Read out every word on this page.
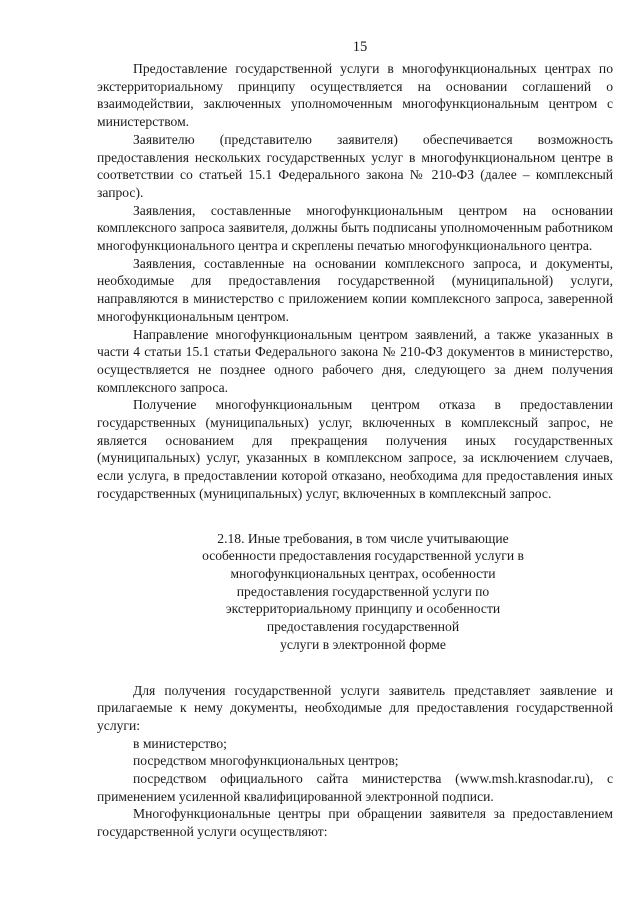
15

Предоставление государственной услуги в многофункциональных центрах по экстерриториальному принципу осуществляется на основании соглашений о взаимодействии, заключенных уполномоченным многофункциональным центром с министерством.

Заявителю (представителю заявителя) обеспечивается возможность предоставления нескольких государственных услуг в многофункциональном центре в соответствии со статьей 15.1 Федерального закона № 210-ФЗ (далее – комплексный запрос).

Заявления, составленные многофункциональным центром на основании комплексного запроса заявителя, должны быть подписаны уполномоченным работником многофункционального центра и скреплены печатью многофункционального центра.

Заявления, составленные на основании комплексного запроса, и документы, необходимые для предоставления государственной (муниципальной) услуги, направляются в министерство с приложением копии комплексного запроса, заверенной многофункциональным центром.

Направление многофункциональным центром заявлений, а также указанных в части 4 статьи 15.1 статьи Федерального закона № 210-ФЗ документов в министерство, осуществляется не позднее одного рабочего дня, следующего за днем получения комплексного запроса.

Получение многофункциональным центром отказа в предоставлении государственных (муниципальных) услуг, включенных в комплексный запрос, не является основанием для прекращения получения иных государственных (муниципальных) услуг, указанных в комплексном запросе, за исключением случаев, если услуга, в предоставлении которой отказано, необходима для предоставления иных государственных (муниципальных) услуг, включенных в комплексный запрос.

2.18. Иные требования, в том числе учитывающие
особенности предоставления государственной услуги в
многофункциональных центрах, особенности
предоставления государственной услуги по
экстерриториальному принципу и особенности
предоставления государственной
услуги в электронной форме

Для получения государственной услуги заявитель представляет заявление и прилагаемые к нему документы, необходимые для предоставления государственной услуги:

в министерство;

посредством многофункциональных центров;

посредством официального сайта министерства (www.msh.krasnodar.ru), с применением усиленной квалифицированной электронной подписи.

Многофункциональные центры при обращении заявителя за предоставлением государственной услуги осуществляют:
